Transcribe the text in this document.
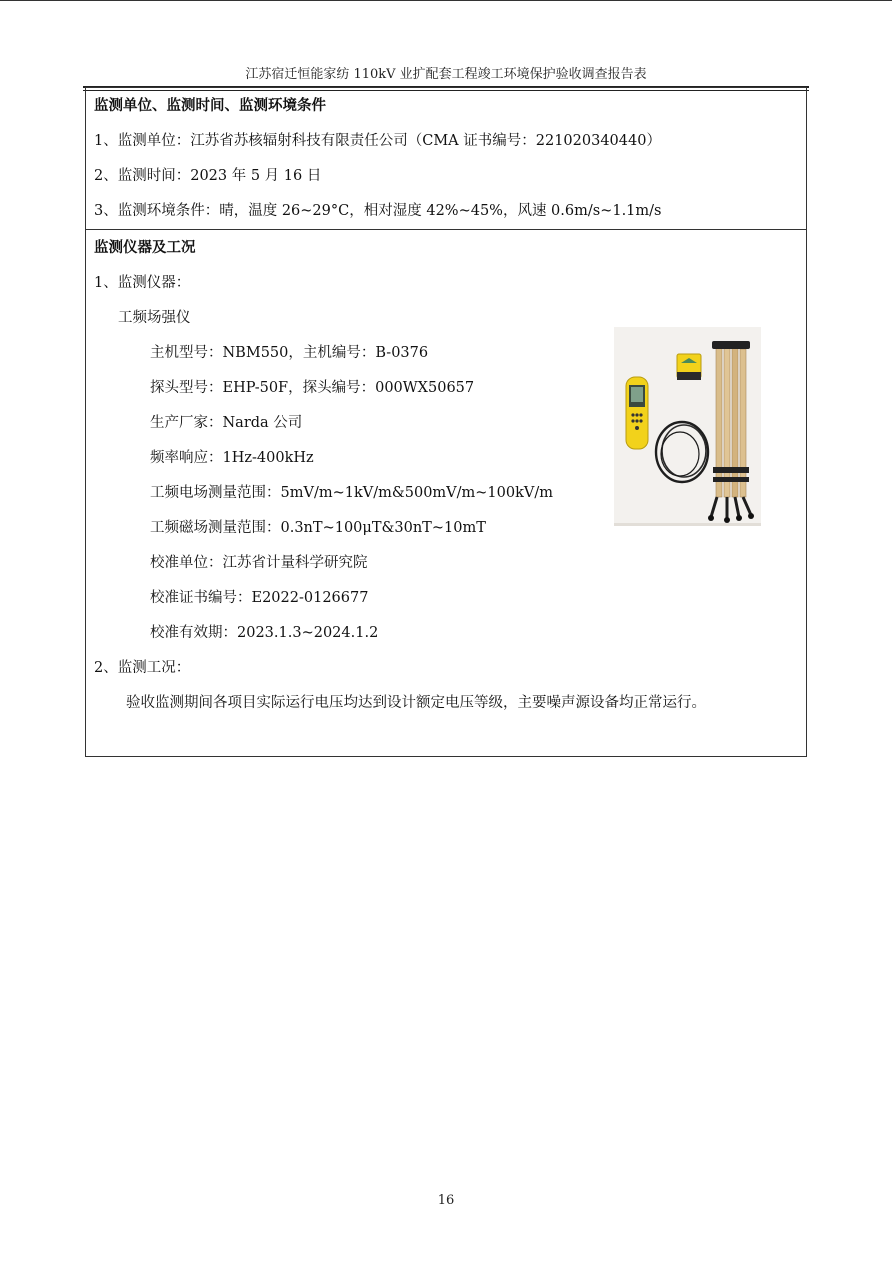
江苏宿迁恒能家纺 110kV 业扩配套工程竣工环境保护验收调查报告表
监测单位、监测时间、监测环境条件
1、监测单位：江苏省苏核辐射科技有限责任公司（CMA 证书编号：221020340440）
2、监测时间：2023 年 5 月 16 日
3、监测环境条件：晴，温度 26~29°C，相对湿度 42%~45%，风速 0.6m/s~1.1m/s
监测仪器及工况
1、监测仪器：
工频场强仪
主机型号：NBM550，主机编号：B-0376
探头型号：EHP-50F，探头编号：000WX50657
生产厂家：Narda 公司
频率响应：1Hz-400kHz
工频电场测量范围：5mV/m~1kV/m&500mV/m~100kV/m
工频磁场测量范围：0.3nT~100μT&30nT~10mT
校准单位：江苏省计量科学研究院
校准证书编号：E2022-0126677
校准有效期：2023.1.3~2024.1.2
2、监测工况：
验收监测期间各项目实际运行电压均达到设计额定电压等级，主要噪声源设备均正常运行。
16
